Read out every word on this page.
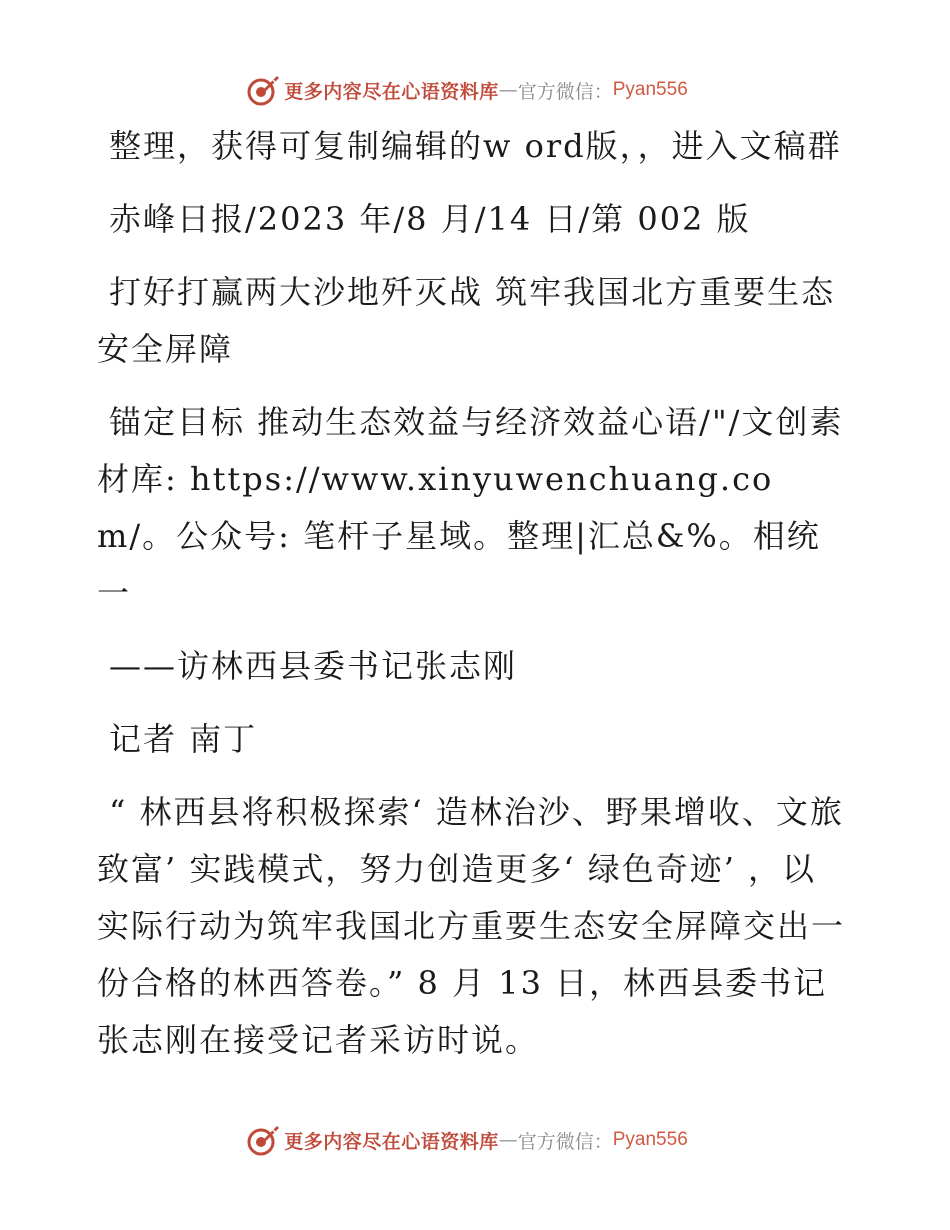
更多内容尽在心语资料库 — 官方微信： Pyan556

整理，获得可复制编辑的w ord版，，进入文稿群

赤峰日报/2023 年/8 月/14 日/第 002 版

打好打赢两大沙地歼灭战 筑牢我国北方重要生态安全屏障

锚定目标 推动生态效益与经济效益心语/"/文创素材库: https://www.xinyuwenchuang.com/。公众号: 笔杆子星域。整理|汇总&%。相统一

——访林西县委书记张志刚

记者 南丁

“ 林西县将积极探索‘ 造林治沙、野果增收、文旅致富’ 实践模式，努力创造更多‘ 绿色奇迹’ ，以实际行动为筑牢我国北方重要生态安全屏障交出一份合格的林西答卷。” 8 月 13 日，林西县委书记张志刚在接受记者采访时说。

更多内容尽在心语资料库 — 官方微信： Pyan556
